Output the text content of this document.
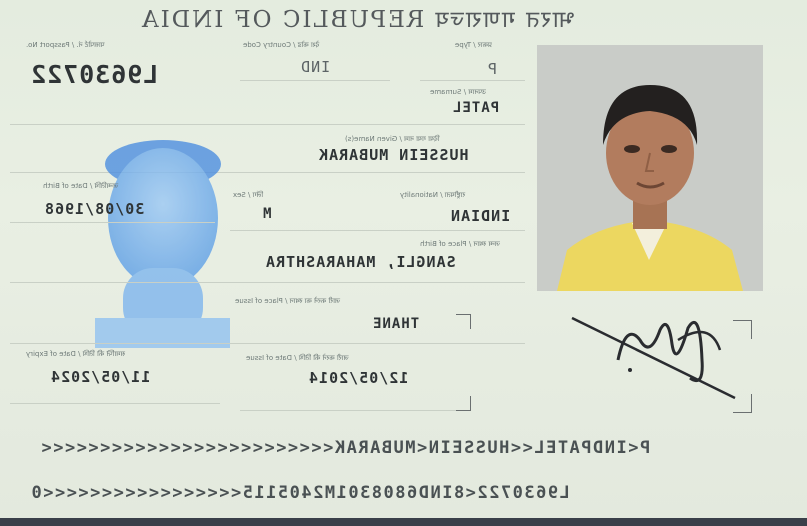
भारत गणराज्य REPUBLIC OF INDIA
पासपोर्ट नं. / Passport No.
L9630722
देश कोड / Country Code
IND
प्रकार / Type
P
उपनाम / Surname
PATEL
दिया गया नाम / Given Name(s)
HUSSEIN MUBARAK
जन्मतिथि / Date of Birth
30/08/1968
लिंग / Sex
M
राष्ट्रीयता / Nationality
INDIAN
जन्म स्थान / Place of Birth
SANGLI, MAHARASHTRA
जारी करने का स्थान / Place of Issue
THANE
समाप्ति की तिथि / Date of Expiry
11/05/2024
जारी करने की तिथि / Date of Issue
12/05/2014
P<INDPATEL<<HUSSEIN<MUBARAK<<<<<<<<<<<<<<<<<<<<<<<<<
L9630722<8IND6808301M2405115<<<<<<<<<<<<<<<<<0
